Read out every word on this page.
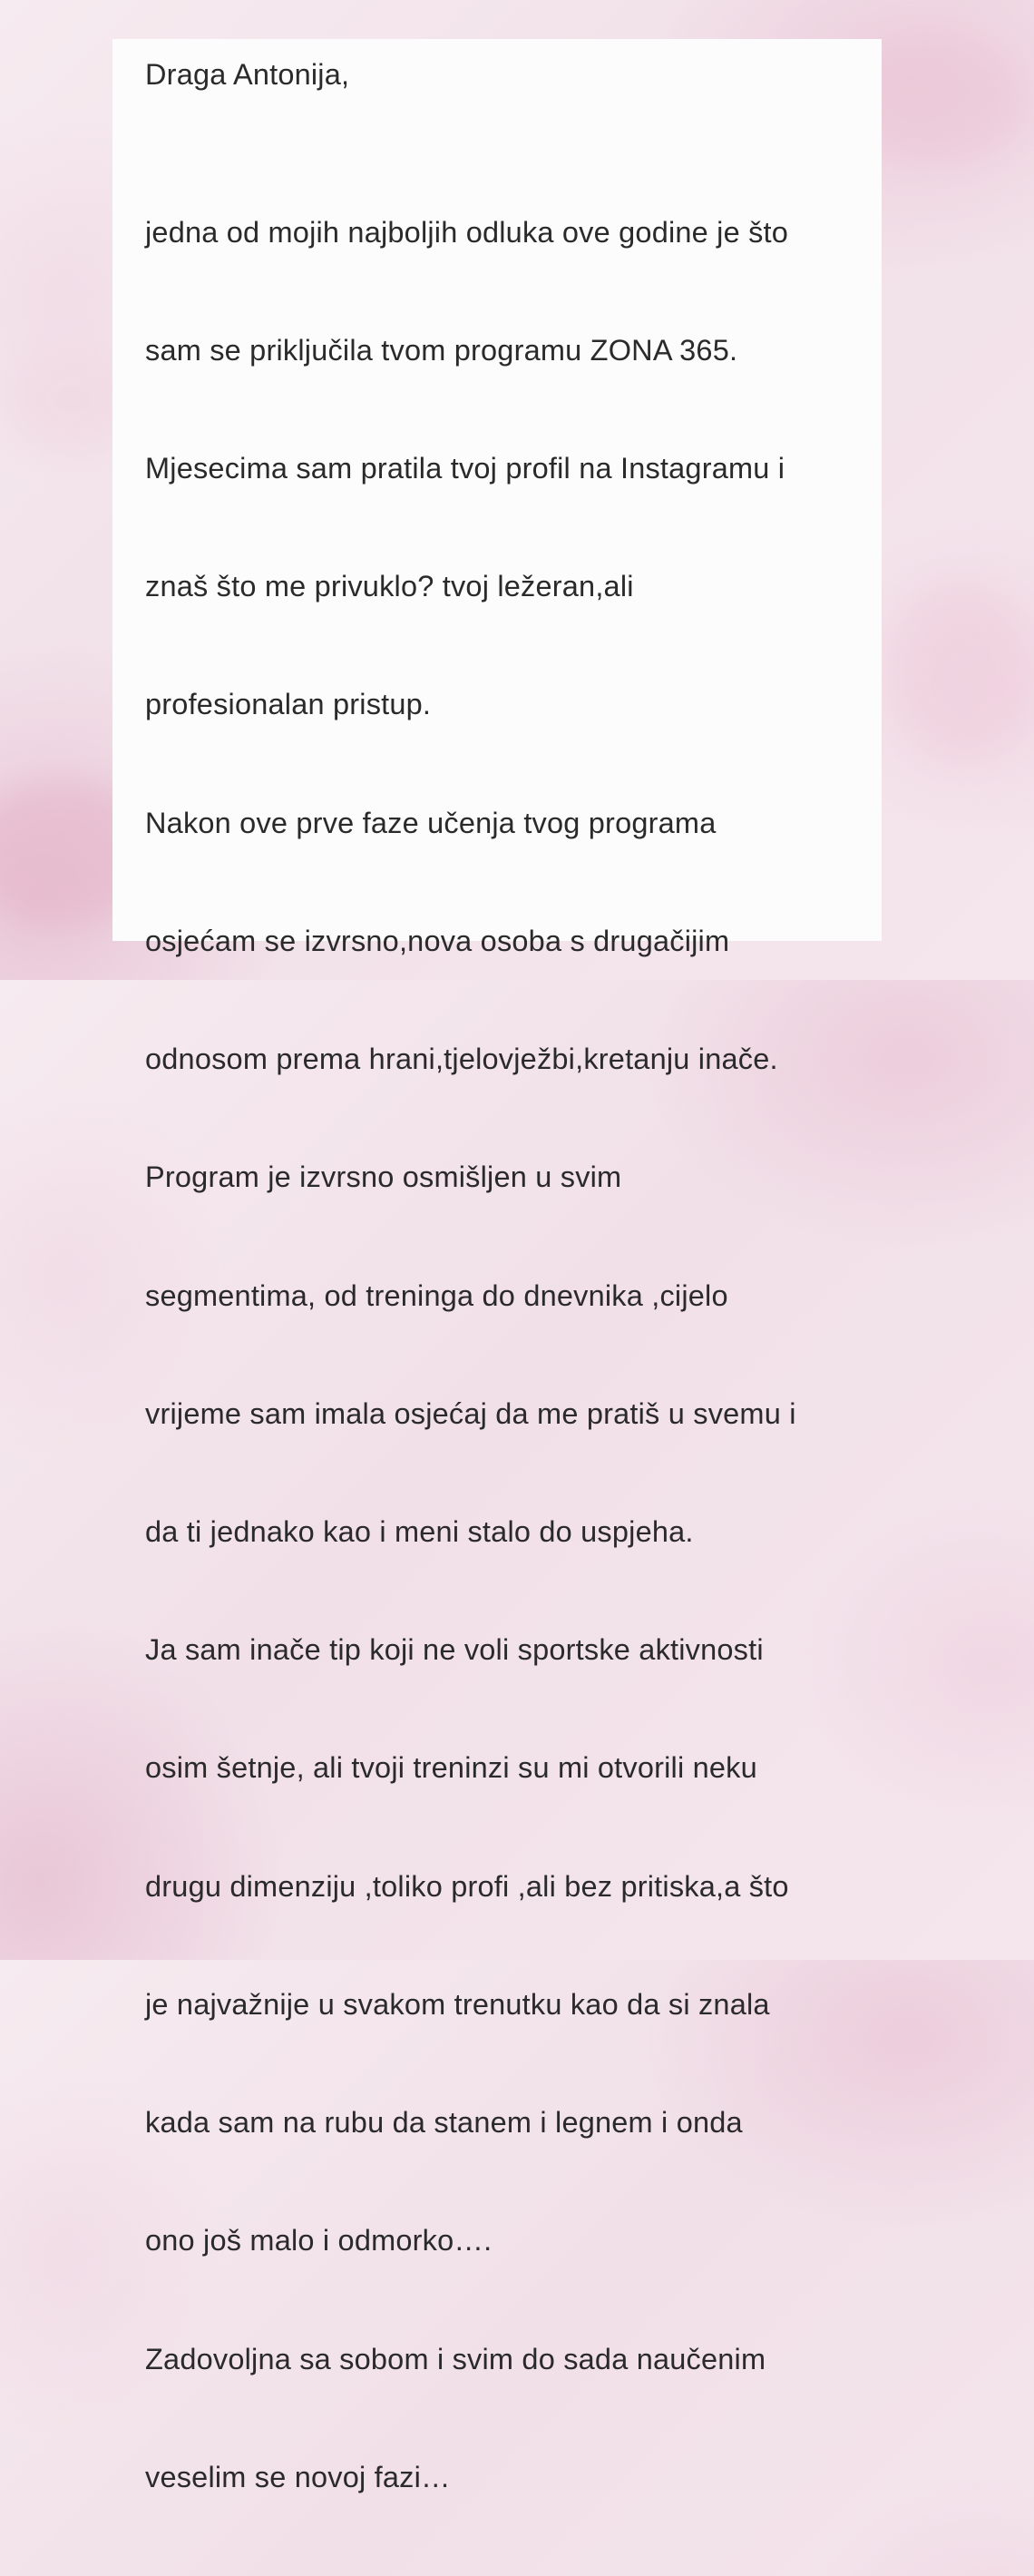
Draga Antonija,

jedna od mojih najboljih odluka ove godine je što

sam se priključila tvom programu ZONA 365.

Mjesecima sam pratila tvoj profil na Instagramu i

znaš što me privuklo? tvoj ležeran,ali

profesionalan pristup.

Nakon ove prve faze učenja tvog programa

osjećam se izvrsno,nova osoba s drugačijim

odnosom prema hrani,tjelovježbi,kretanju inače.

Program je izvrsno osmišljen u svim

segmentima, od treninga do dnevnika ,cijelo

vrijeme sam imala osjećaj da me pratiš u svemu i

da ti jednako kao i meni stalo do uspjeha.

Ja sam inače tip koji ne voli sportske aktivnosti

osim šetnje, ali tvoji treninzi su mi otvorili neku

drugu dimenziju ,toliko profi ,ali bez pritiska,a što

je najvažnije u svakom trenutku kao da si znala

kada sam na rubu da stanem i legnem i onda

ono još malo i odmorko….

Zadovoljna sa sobom i svim do sada naučenim

veselim se novoj fazi…
